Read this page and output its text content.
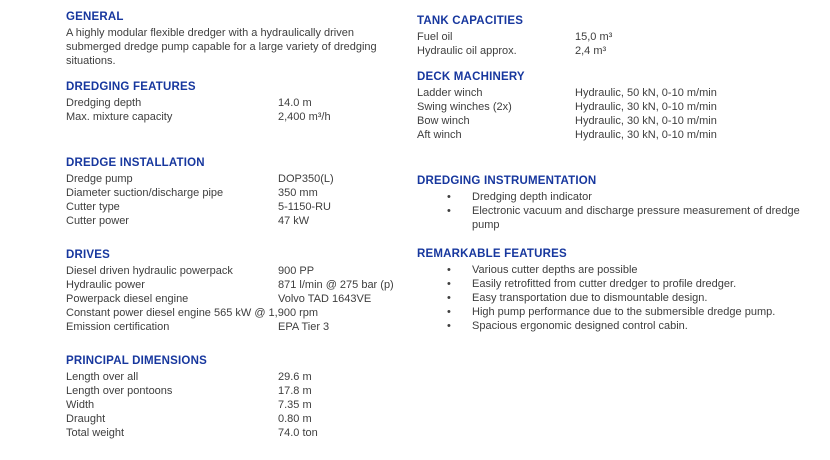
GENERAL

A highly modular flexible dredger with a hydraulically driven submerged dredge pump capable for a large variety of dredging situations.

DREDGING FEATURES
Dredging depth	14.0 m
Max. mixture capacity	2,400 m³/h
DREDGE INSTALLATION
Dredge pump	DOP350(L)
Diameter suction/discharge pipe	350 mm
Cutter type	5-1150-RU
Cutter power	47 kW
DRIVES
Diesel driven hydraulic powerpack	900 PP
Hydraulic power	871 l/min @ 275 bar (p)
Powerpack diesel engine	Volvo TAD 1643VE
Constant power diesel engine 565 kW @ 1,900 rpm
Emission certification	EPA Tier 3
PRINCIPAL DIMENSIONS
Length over all	29.6 m
Length over pontoons	17.8 m
Width	7.35 m
Draught	0.80 m
Total weight	74.0 ton
TANK CAPACITIES
Fuel oil	15,0 m³
Hydraulic oil approx.	2,4 m³
DECK MACHINERY
Ladder winch	Hydraulic, 50 kN, 0-10 m/min
Swing winches (2x)	Hydraulic, 30 kN, 0-10 m/min
Bow winch	Hydraulic, 30 kN, 0-10 m/min
Aft winch	Hydraulic, 30 kN, 0-10 m/min
DREDGING INSTRUMENTATION
• Dredging depth indicator
• Electronic vacuum and discharge pressure measurement of dredge pump
REMARKABLE FEATURES
• Various cutter depths are possible
• Easily retrofitted from cutter dredger to profile dredger.
• Easy transportation due to dismountable design.
• High pump performance due to the submersible dredge pump.
• Spacious ergonomic designed control cabin.
